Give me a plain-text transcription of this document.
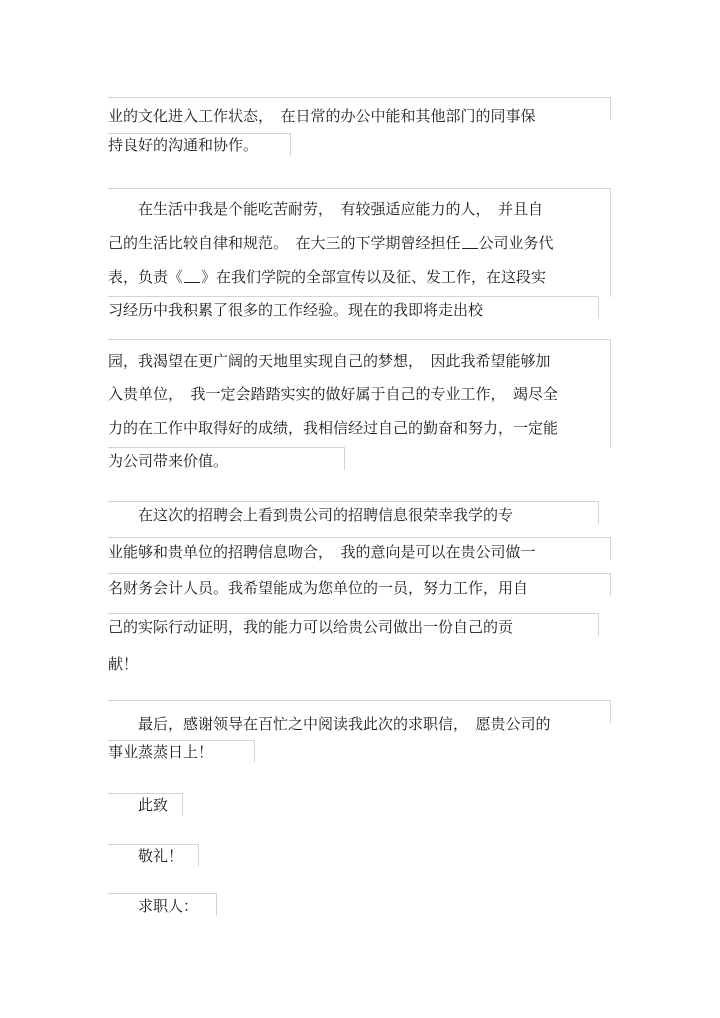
业的文化进入工作状态，　在日常的办公中能和其他部门的同事保
持良好的沟通和协作。
　　在生活中我是个能吃苦耐劳，　有较强适应能力的人，　并且自
己的生活比较自律和规范。　在大三的下学期曾经担任 公司业务代
表，负责《 》在我们学院的全部宣传以及征、发工作，在这段实
习经历中我积累了很多的工作经验。现在的我即将走出校
园，我渴望在更广阔的天地里实现自己的梦想，　因此我希望能够加
入贵单位，　我一定会踏踏实实的做好属于自己的专业工作，　竭尽全
力的在工作中取得好的成绩，我相信经过自己的勤奋和努力，一定能
为公司带来价值。
　　在这次的招聘会上看到贵公司的招聘信息很荣幸我学的专
业能够和贵单位的招聘信息吻合，　我的意向是可以在贵公司做一
名财务会计人员。我希望能成为您单位的一员，努力工作，用自
己的实际行动证明，我的能力可以给贵公司做出一份自己的贡
献！
　　最后，感谢领导在百忙之中阅读我此次的求职信，　愿贵公司的
事业蒸蒸日上！
　　此致
　　敬礼！
　　求职人：
